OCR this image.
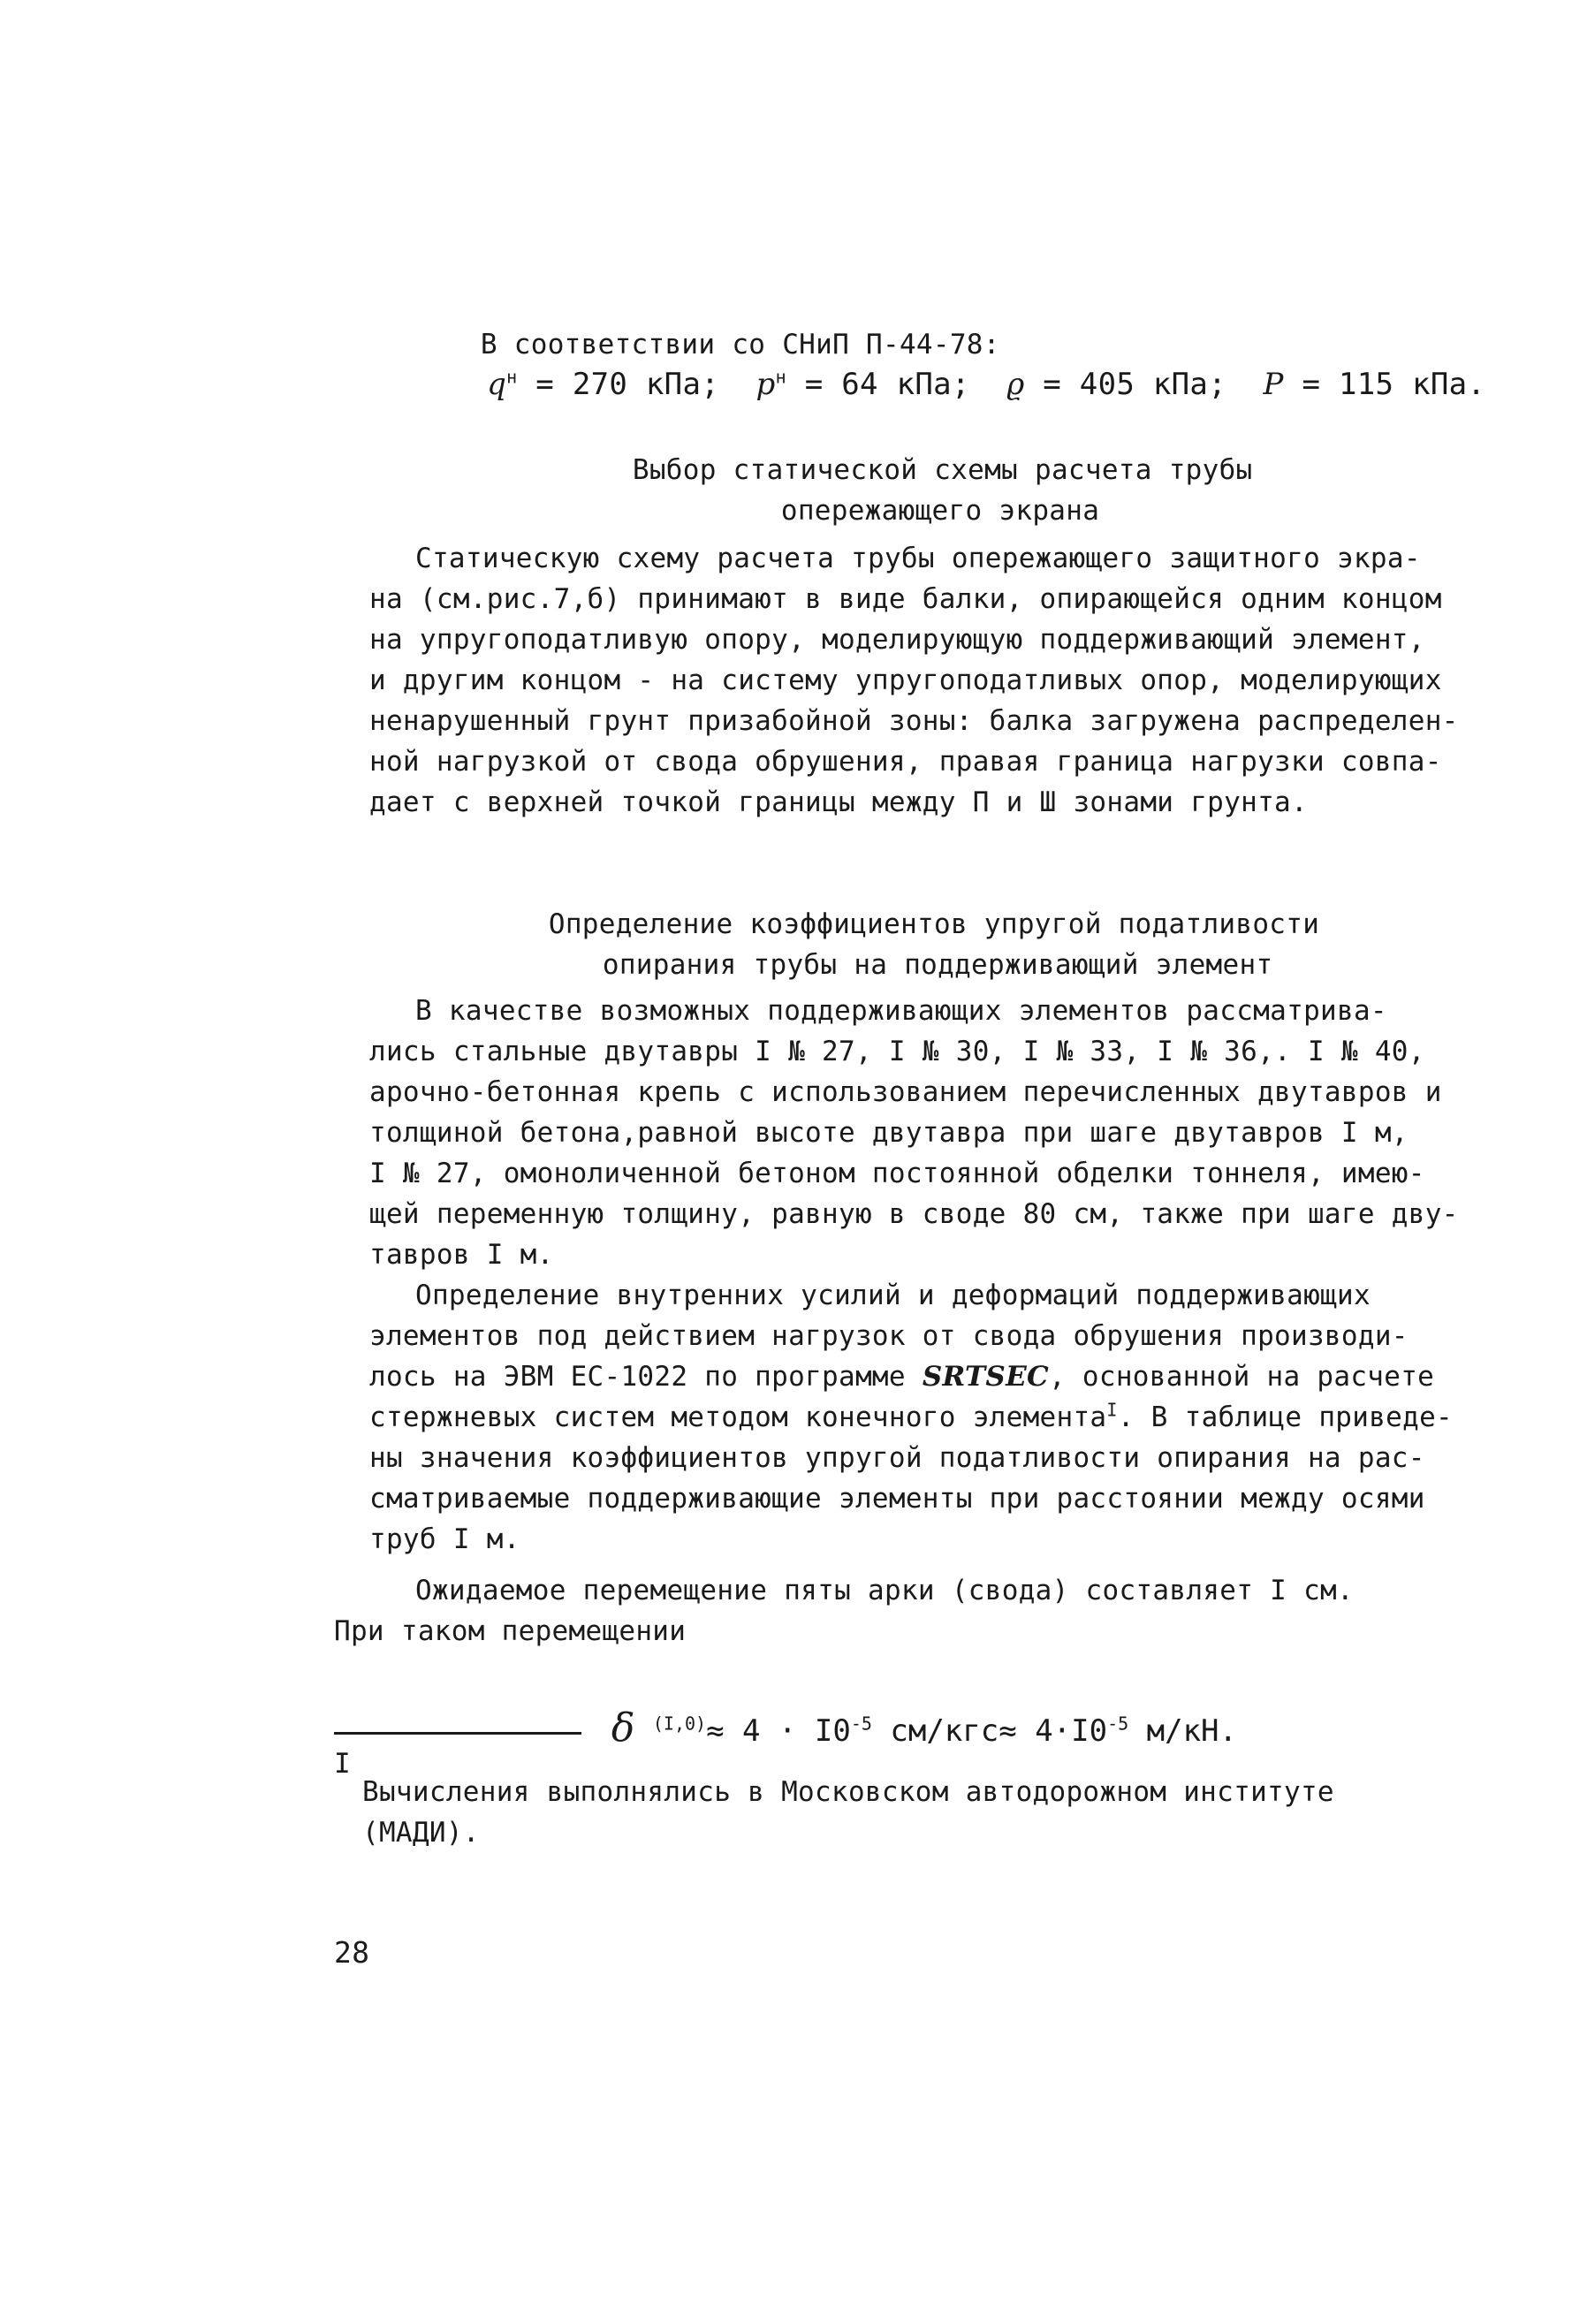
В соответствии со СНиП П-44-78:

$q^н = 270$ кПа; $p^н = 64$ кПа; ϱ = 405 кПа; P = 115 кПа.

Выбор статической схемы расчета трубы

опережающего экрана

Статическую схему расчета трубы опережающего защитного экра-
на (см.рис.7,б) принимают в виде балки, опирающейся одним концом
на упругоподатливую опору, моделирующую поддерживающий элемент,
и другим концом - на систему упругоподатливых опор, моделирующих
ненарушенный грунт призабойной зоны: балка загружена распределен-
ной нагрузкой от свода обрушения, правая граница нагрузки совпа-
дает с верхней точкой границы между П и Ш зонами грунта.

Определение коэффициентов упругой податливости

опирания трубы на поддерживающий элемент

В качестве возможных поддерживающих элементов рассматрива-
лись стальные двутавры I № 27, I № 30, I № 33, I № 36,. I № 40,
арочно-бетонная крепь с использованием перечисленных двутавров и
толщиной бетона,равной высоте двутавра при шаге двутавров I м,
I № 27, омоноличенной бетоном постоянной обделки тоннеля, имею-
щей переменную толщину, равную в своде 80 см, также при шаге дву-
тавров I м.
Определение внутренних усилий и деформаций поддерживающих
элементов под действием нагрузок от свода обрушения производи-
лось на ЭВМ ЕС-1022 по программе SRTSEC, основанной на расчете
стержневых систем методом конечного элемента$^I$. В таблице приведе-
ны значения коэффициентов упругой податливости опирания на рас-
сматриваемые поддерживающие элементы при расстоянии между осями
труб I м.
Ожидаемое перемещение пяты арки (свода) составляет I см.
При таком перемещении

δ $^{(I,0)}\approx 4 \cdot I0^{-5}$ $см/кгс\approx 4\cdot I0^{-5}$ м/кН.

I
Вычисления выполнялись в Московском автодорожном институте
(МАДИ).
28
